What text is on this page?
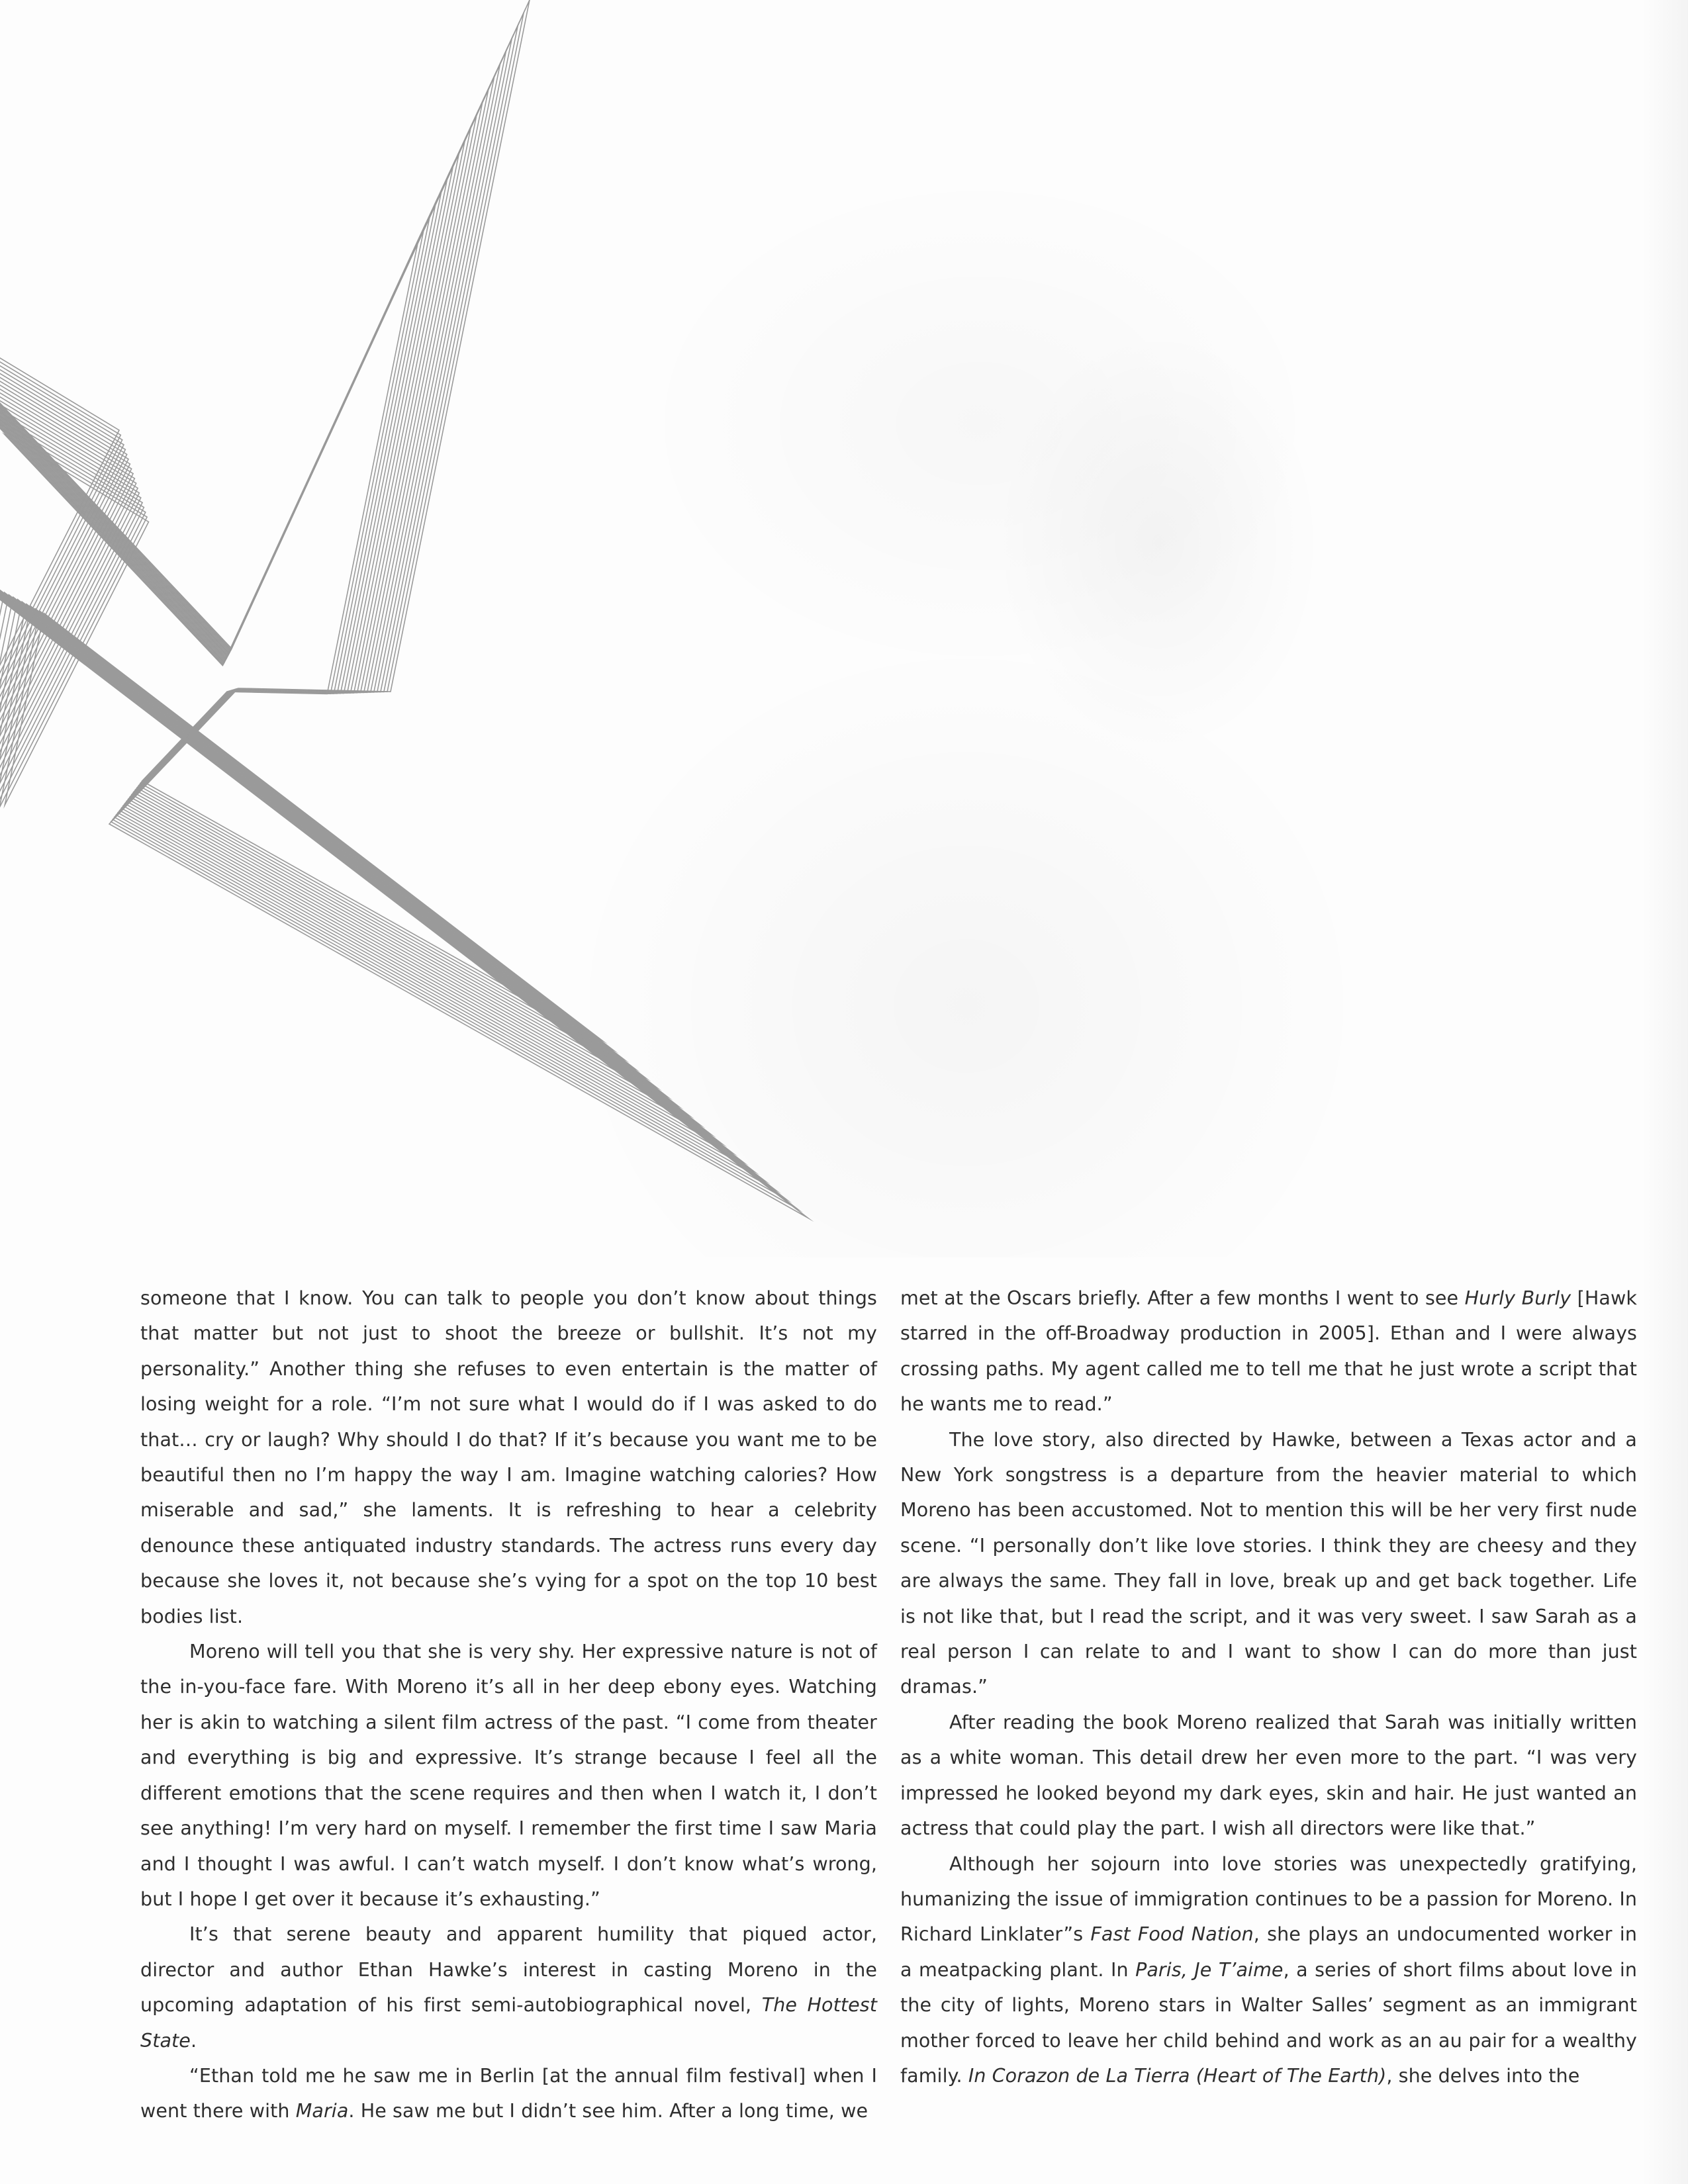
someone that I know. You can talk to people you don’t know about things that matter but not just to shoot the breeze or bullshit. It’s not my personality.” Another thing she refuses to even entertain is the matter of losing weight for a role. “I’m not sure what I would do if I was asked to do that… cry or laugh? Why should I do that? If it’s because you want me to be beautiful then no I’m happy the way I am. Imagine watching calories? How miserable and sad,” she laments. It is refreshing to hear a celebrity denounce these antiquated industry standards. The actress runs every day because she loves it, not because she’s vying for a spot on the top 10 best bodies list.

Moreno will tell you that she is very shy. Her expressive nature is not of the in-you-face fare. With Moreno it’s all in her deep ebony eyes. Watching her is akin to watching a silent film actress of the past. “I come from theater and everything is big and expressive. It’s strange because I feel all the different emotions that the scene requires and then when I watch it, I don’t see anything! I’m very hard on myself. I remember the first time I saw Maria and I thought I was awful. I can’t watch myself. I don’t know what’s wrong, but I hope I get over it because it’s exhausting.”

It’s that serene beauty and apparent humility that piqued actor, director and author Ethan Hawke’s interest in casting Moreno in the upcoming adaptation of his first semi-autobiographical novel, The Hottest State.

“Ethan told me he saw me in Berlin [at the annual film festival] when I went there with Maria. He saw me but I didn’t see him. After a long time, we

met at the Oscars briefly. After a few months I went to see Hurly Burly [Hawk starred in the off-Broadway production in 2005]. Ethan and I were always crossing paths. My agent called me to tell me that he just wrote a script that he wants me to read.”

The love story, also directed by Hawke, between a Texas actor and a New York songstress is a departure from the heavier material to which Moreno has been accustomed. Not to mention this will be her very first nude scene. “I personally don’t like love stories. I think they are cheesy and they are always the same. They fall in love, break up and get back together. Life is not like that, but I read the script, and it was very sweet. I saw Sarah as a real person I can relate to and I want to show I can do more than just dramas.”

After reading the book Moreno realized that Sarah was initially written as a white woman. This detail drew her even more to the part. “I was very impressed he looked beyond my dark eyes, skin and hair. He just wanted an actress that could play the part. I wish all directors were like that.”

Although her sojourn into love stories was unexpectedly gratifying, humanizing the issue of immigration continues to be a passion for Moreno. In Richard Linklater”s Fast Food Nation, she plays an undocumented worker in a meatpacking plant. In Paris, Je T’aime, a series of short films about love in the city of lights, Moreno stars in Walter Salles’ segment as an immigrant mother forced to leave her child behind and work as an au pair for a wealthy family. In Corazon de La Tierra (Heart of The Earth), she delves into the
